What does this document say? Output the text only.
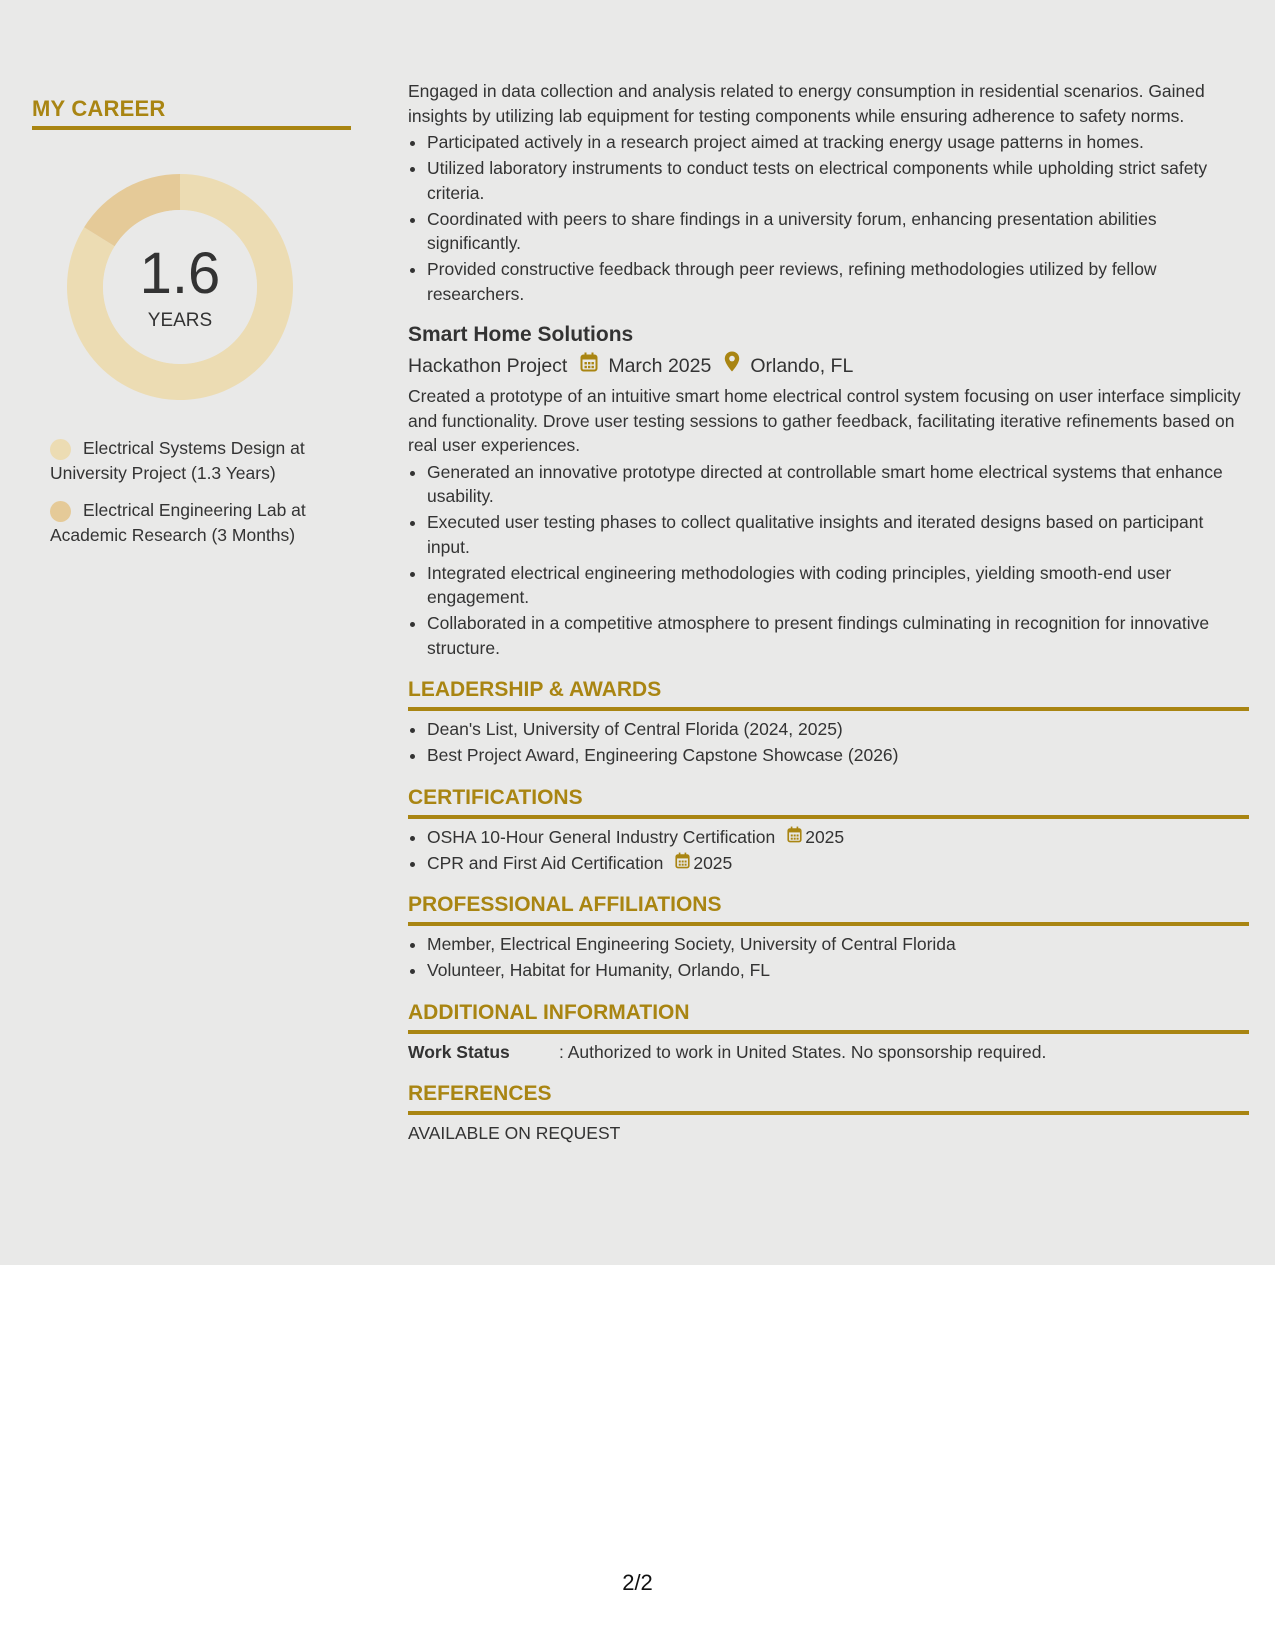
MY CAREER
1.6
YEARS
Electrical Systems Design at University Project (1.3 Years)
Electrical Engineering Lab at Academic Research (3 Months)

Engaged in data collection and analysis related to energy consumption in residential scenarios. Gained insights by utilizing lab equipment for testing components while ensuring adherence to safety norms.

• Participated actively in a research project aimed at tracking energy usage patterns in homes.
• Utilized laboratory instruments to conduct tests on electrical components while upholding strict safety criteria.
• Coordinated with peers to share findings in a university forum, enhancing presentation abilities significantly.
• Provided constructive feedback through peer reviews, refining methodologies utilized by fellow researchers.
Smart Home Solutions
Hackathon Project March 2025 Orlando, FL

Created a prototype of an intuitive smart home electrical control system focusing on user interface simplicity and functionality. Drove user testing sessions to gather feedback, facilitating iterative refinements based on real user experiences.

• Generated an innovative prototype directed at controllable smart home electrical systems that enhance usability.
• Executed user testing phases to collect qualitative insights and iterated designs based on participant input.
• Integrated electrical engineering methodologies with coding principles, yielding smooth-end user engagement.
• Collaborated in a competitive atmosphere to present findings culminating in recognition for innovative structure.
LEADERSHIP & AWARDS
• Dean's List, University of Central Florida (2024, 2025)
• Best Project Award, Engineering Capstone Showcase (2026)
CERTIFICATIONS
• OSHA 10-Hour General Industry Certification 2025
• CPR and First Aid Certification 2025
PROFESSIONAL AFFILIATIONS
• Member, Electrical Engineering Society, University of Central Florida
• Volunteer, Habitat for Humanity, Orlando, FL
ADDITIONAL INFORMATION
Work Status	: Authorized to work in United States. No sponsorship required.
REFERENCES

AVAILABLE ON REQUEST

2/2
